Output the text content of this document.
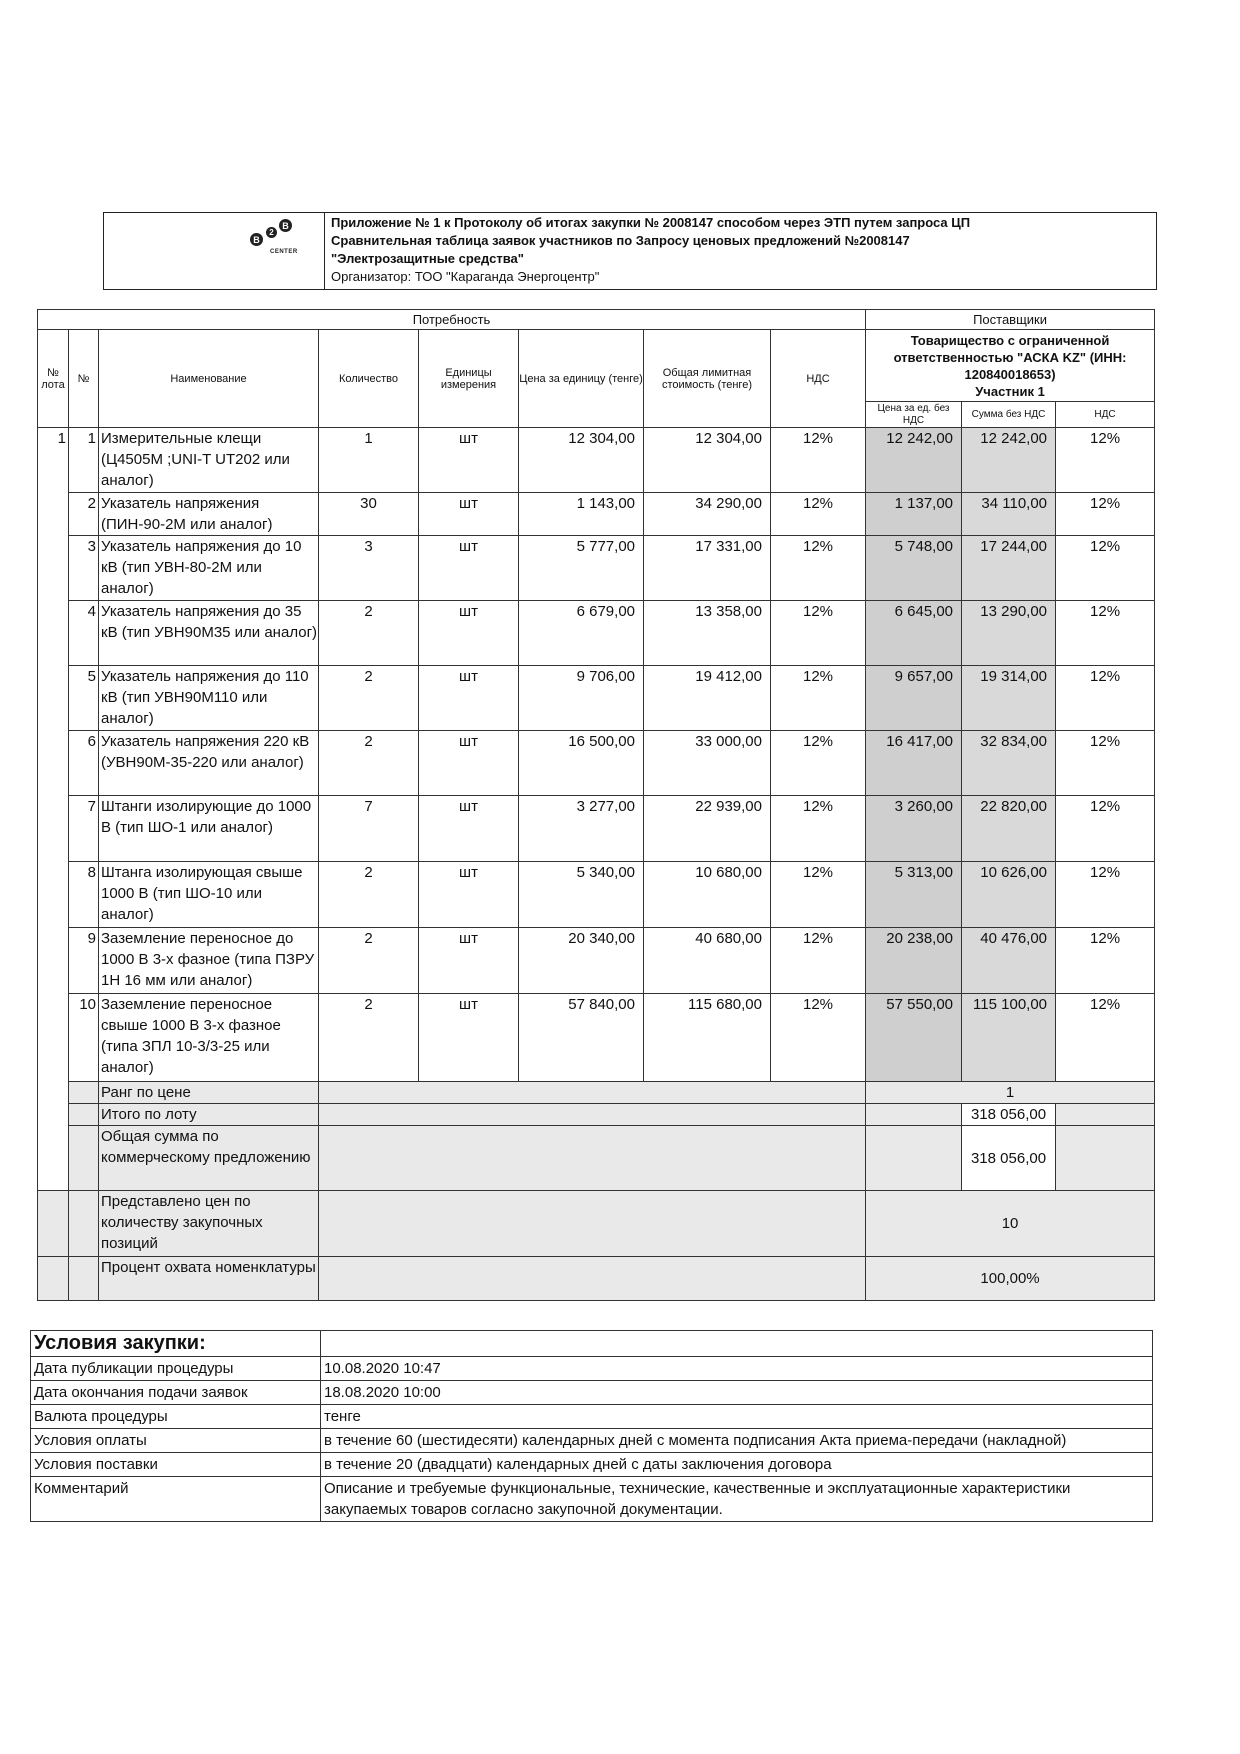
B
2
B
CENTER
Приложение № 1 к Протоколу об итогах закупки № 2008147 способом через ЭТП путем запроса ЦП
Сравнительная таблица заявок участников по Запросу ценовых предложений №2008147
"Электрозащитные средства"
Организатор: ТОО "Караганда Энергоцентр"
Потребность								Поставщики		
№ лота	№	Наименование	Количество	Единицы измерения	Цена за единицу (тенге)	Общая лимитная стоимость (тенге)	НДС	Товарищество с ограниченной ответственностью "АСКА KZ" (ИНН: 120840018653)
Участник 1		

								Цена за ед. без НДС	Сумма без НДС	НДС
1	1	Измерительные клещи (Ц4505М ;UNI-T UT202 или аналог)	1	шт	12 304,00	12 304,00	12%	12 242,00	12 242,00	12%
	2	Указатель напряжения (ПИН-90-2М или аналог)	30	шт	1 143,00	34 290,00	12%	1 137,00	34 110,00	12%
	3	Указатель напряжения до 10 кВ (тип УВН-80-2М или аналог)	3	шт	5 777,00	17 331,00	12%	5 748,00	17 244,00	12%
	4	Указатель напряжения до 35 кВ (тип УВН90М35 или аналог)	2	шт	6 679,00	13 358,00	12%	6 645,00	13 290,00	12%
	5	Указатель напряжения до 110 кВ (тип УВН90М110 или аналог)	2	шт	9 706,00	19 412,00	12%	9 657,00	19 314,00	12%
	6	Указатель напряжения 220 кВ (УВН90М-35-220 или аналог)	2	шт	16 500,00	33 000,00	12%	16 417,00	32 834,00	12%
	7	Штанги изолирующие до 1000 В (тип ШО-1 или аналог)	7	шт	3 277,00	22 939,00	12%	3 260,00	22 820,00	12%
	8	Штанга изолирующая свыше 1000 В (тип ШО-10 или аналог)	2	шт	5 340,00	10 680,00	12%	5 313,00	10 626,00	12%
	9	Заземление переносное до 1000 В 3-х фазное (типа ПЗРУ 1Н 16 мм или аналог)	2	шт	20 340,00	40 680,00	12%	20 238,00	40 476,00	12%
	10	Заземление переносное свыше 1000 В 3-х фазное (типа ЗПЛ 10-3/3-25 или аналог)	2	шт	57 840,00	115 680,00	12%	57 550,00	115 100,00	12%
		Ранг по цене						1		
		Итого по лоту							318 056,00	
		Общая сумма по коммерческому предложению							318 056,00	
		Представлено цен по количеству закупочных позиций						10		
		Процент охвата номенклатуры						100,00%		
Условия закупки:	
Дата публикации процедуры	10.08.2020 10:47
Дата окончания подачи заявок	18.08.2020 10:00
Валюта процедуры	тенге
Условия оплаты	в течение 60 (шестидесяти) календарных дней с момента подписания Акта приема-передачи (накладной)
Условия поставки	в течение 20 (двадцати) календарных дней с даты заключения договора
Комментарий	Описание и требуемые функциональные, технические, качественные и эксплуатационные характеристики закупаемых товаров согласно закупочной документации.
